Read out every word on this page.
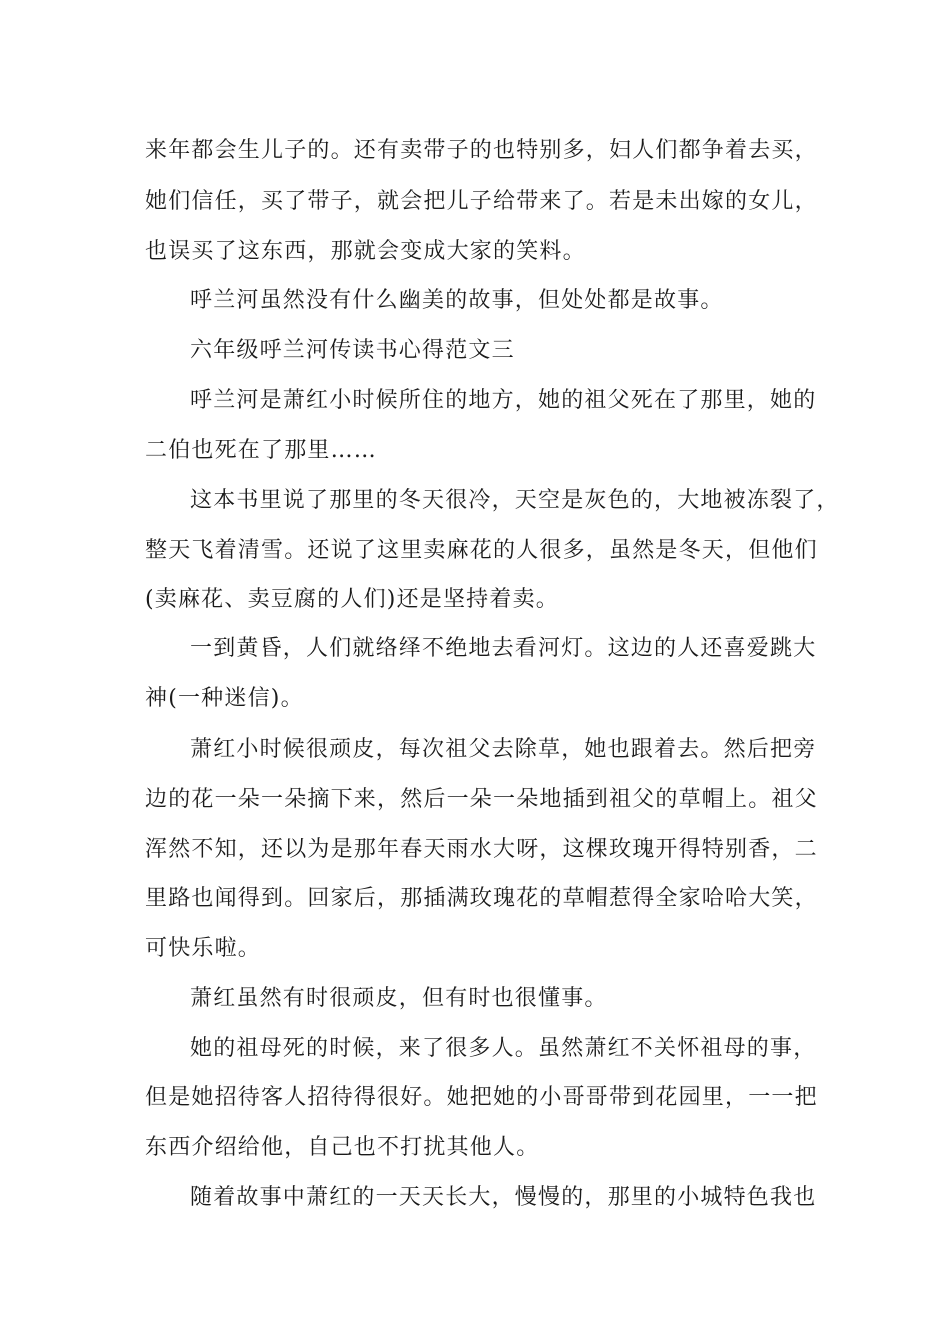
来年都会生儿子的。还有卖带子的也特别多，妇人们都争着去买，
她们信任，买了带子，就会把儿子给带来了。若是未出嫁的女儿，
也误买了这东西，那就会变成大家的笑料。
呼兰河虽然没有什么幽美的故事，但处处都是故事。
六年级呼兰河传读书心得范文三
呼兰河是萧红小时候所住的地方，她的祖父死在了那里，她的
二伯也死在了那里……
这本书里说了那里的冬天很冷，天空是灰色的，大地被冻裂了，
整天飞着清雪。还说了这里卖麻花的人很多，虽然是冬天，但他们
(卖麻花、卖豆腐的人们)还是坚持着卖。
一到黄昏，人们就络绎不绝地去看河灯。这边的人还喜爱跳大
神(一种迷信)。
萧红小时候很顽皮，每次祖父去除草，她也跟着去。然后把旁
边的花一朵一朵摘下来，然后一朵一朵地插到祖父的草帽上。祖父
浑然不知，还以为是那年春天雨水大呀，这棵玫瑰开得特别香，二
里路也闻得到。回家后，那插满玫瑰花的草帽惹得全家哈哈大笑，
可快乐啦。
萧红虽然有时很顽皮，但有时也很懂事。
她的祖母死的时候，来了很多人。虽然萧红不关怀祖母的事，
但是她招待客人招待得很好。她把她的小哥哥带到花园里，一一把
东西介绍给他，自己也不打扰其他人。
随着故事中萧红的一天天长大，慢慢的，那里的小城特色我也
